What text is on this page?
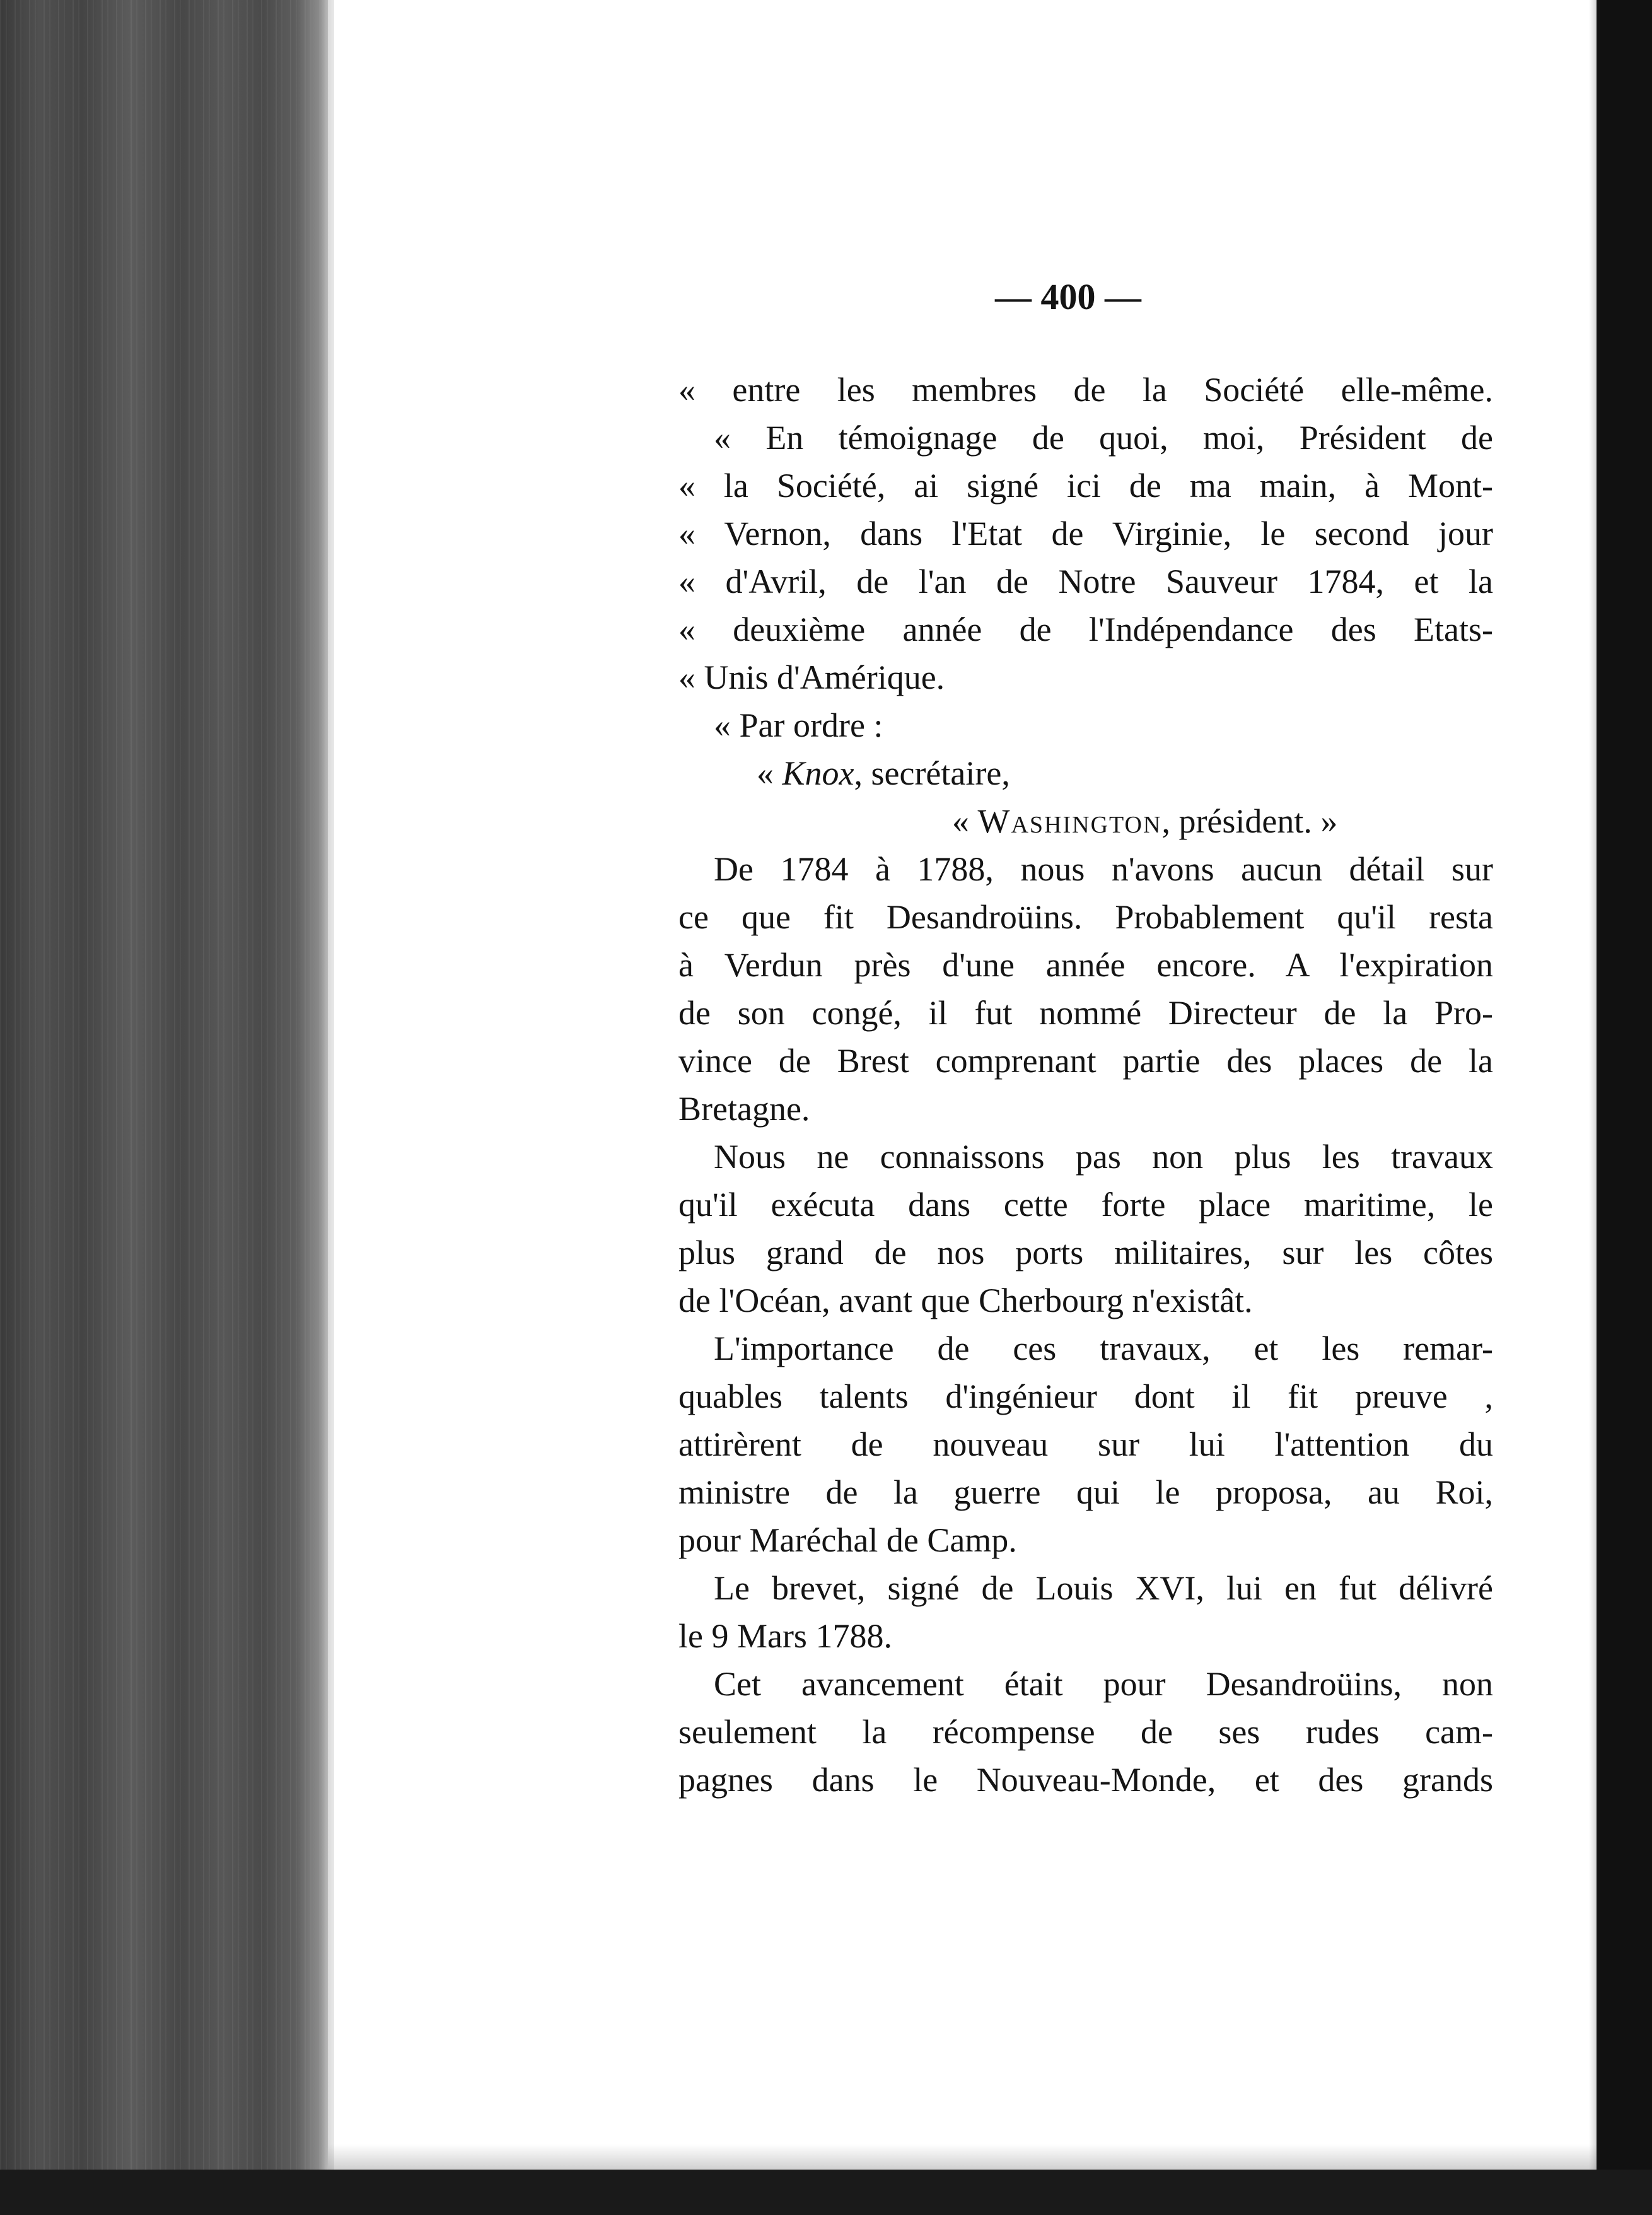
— 400 —
« entre les membres de la Société elle-même.
« En témoignage de quoi, moi, Président de
« la Société, ai signé ici de ma main, à Mont-
« Vernon, dans l'Etat de Virginie, le second jour
« d'Avril, de l'an de Notre Sauveur 1784, et la
« deuxième année de l'Indépendance des Etats-
« Unis d'Amérique.
« Par ordre :
« Knox, secrétaire,
« Washington, président. »
De 1784 à 1788, nous n'avons aucun détail sur
ce que fit Desandroüins. Probablement qu'il resta
à Verdun près d'une année encore. A l'expiration
de son congé, il fut nommé Directeur de la Pro-
vince de Brest comprenant partie des places de la
Bretagne.
Nous ne connaissons pas non plus les travaux
qu'il exécuta dans cette forte place maritime, le
plus grand de nos ports militaires, sur les côtes
de l'Océan, avant que Cherbourg n'existât.
L'importance de ces travaux, et les remar-
quables talents d'ingénieur dont il fit preuve ,
attirèrent de nouveau sur lui l'attention du
ministre de la guerre qui le proposa, au Roi,
pour Maréchal de Camp.
Le brevet, signé de Louis XVI, lui en fut délivré
le 9 Mars 1788.
Cet avancement était pour Desandroüins, non
seulement la récompense de ses rudes cam-
pagnes dans le Nouveau-Monde, et des grands
